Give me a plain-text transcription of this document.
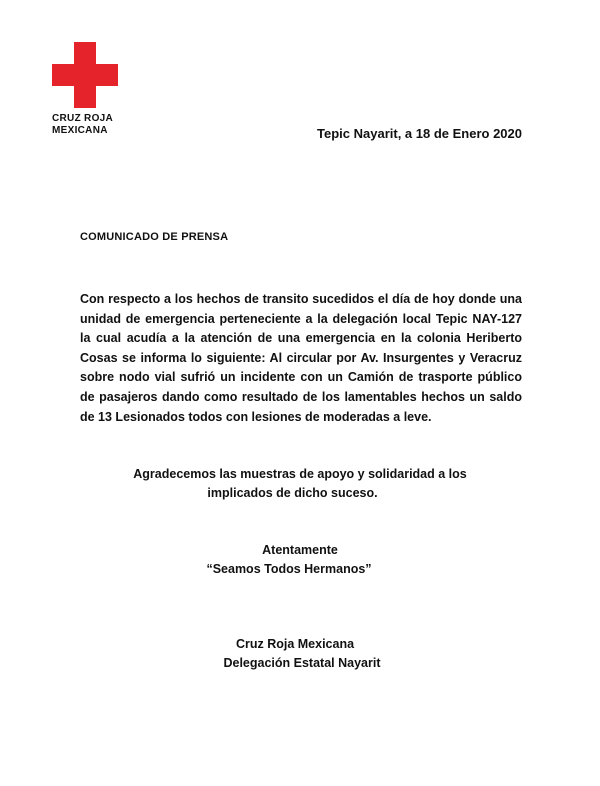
CRUZ ROJA
MEXICANA	Tepic Nayarit, a 18 de Enero 2020
COMUNICADO DE PRENSA

Con respecto a los hechos de transito sucedidos el día de hoy donde una unidad de emergencia perteneciente a la delegación local Tepic NAY-127 la cual acudía a la atención de una emergencia en la colonia Heriberto Cosas se informa lo siguiente: Al circular por Av. Insurgentes y Veracruz sobre nodo vial sufrió un incidente con un Camión de trasporte público de pasajeros dando como resultado de los lamentables hechos un saldo de 13 Lesionados todos con lesiones de moderadas a leve.

Agradecemos las muestras de apoyo y solidaridad a los
implicados de dicho suceso.
Atentamente
“Seamos Todos Hermanos”
Cruz Roja Mexicana
Delegación Estatal Nayarit
